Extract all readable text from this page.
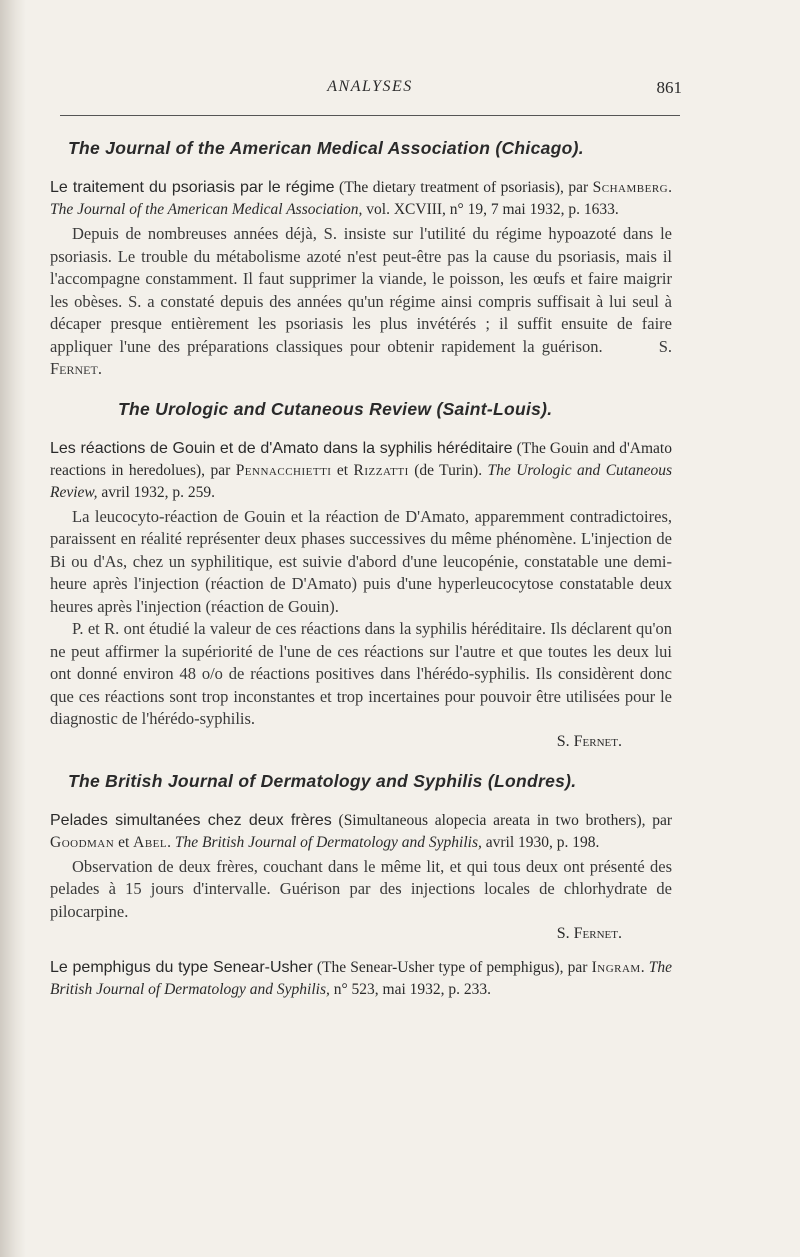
ANALYSES	861

The Journal of the American Medical Association (Chicago).

Le traitement du psoriasis par le régime (The dietary treatment of psoriasis), par Schamberg. The Journal of the American Medical Association, vol. XCVIII, n° 19, 7 mai 1932, p. 1633.

Depuis de nombreuses années déjà, S. insiste sur l'utilité du régime hypoazoté dans le psoriasis. Le trouble du métabolisme azoté n'est peut-être pas la cause du psoriasis, mais il l'accompagne constamment. Il faut supprimer la viande, le poisson, les œufs et faire maigrir les obèses. S. a constaté depuis des années qu'un régime ainsi compris suffisait à lui seul à décaper presque entièrement les psoriasis les plus invétérés ; il suffit ensuite de faire appliquer l'une des préparations classiques pour obtenir rapidement la guérison.	S. Fernet.

The Urologic and Cutaneous Review (Saint-Louis).

Les réactions de Gouin et de d'Amato dans la syphilis héréditaire (The Gouin and d'Amato reactions in heredolues), par Pennacchietti et Rizzatti (de Turin). The Urologic and Cutaneous Review, avril 1932, p. 259.

La leucocyto-réaction de Gouin et la réaction de D'Amato, apparemment contradictoires, paraissent en réalité représenter deux phases successives du même phénomène. L'injection de Bi ou d'As, chez un syphilitique, est suivie d'abord d'une leucopénie, constatable une demi-heure après l'injection (réaction de D'Amato) puis d'une hyperleucocytose constatable deux heures après l'injection (réaction de Gouin).

P. et R. ont étudié la valeur de ces réactions dans la syphilis héréditaire. Ils déclarent qu'on ne peut affirmer la supériorité de l'une de ces réactions sur l'autre et que toutes les deux lui ont donné environ 48 o/o de réactions positives dans l'hérédo-syphilis. Ils considèrent donc que ces réactions sont trop inconstantes et trop incertaines pour pouvoir être utilisées pour le diagnostic de l'hérédo-syphilis.

S. Fernet.

The British Journal of Dermatology and Syphilis (Londres).

Pelades simultanées chez deux frères (Simultaneous alopecia areata in two brothers), par Goodman et Abel. The British Journal of Dermatology and Syphilis, avril 1930, p. 198.

Observation de deux frères, couchant dans le même lit, et qui tous deux ont présenté des pelades à 15 jours d'intervalle. Guérison par des injections locales de chlorhydrate de pilocarpine.

S. Fernet.

Le pemphigus du type Senear-Usher (The Senear-Usher type of pemphigus), par Ingram. The British Journal of Dermatology and Syphilis, n° 523, mai 1932, p. 233.
